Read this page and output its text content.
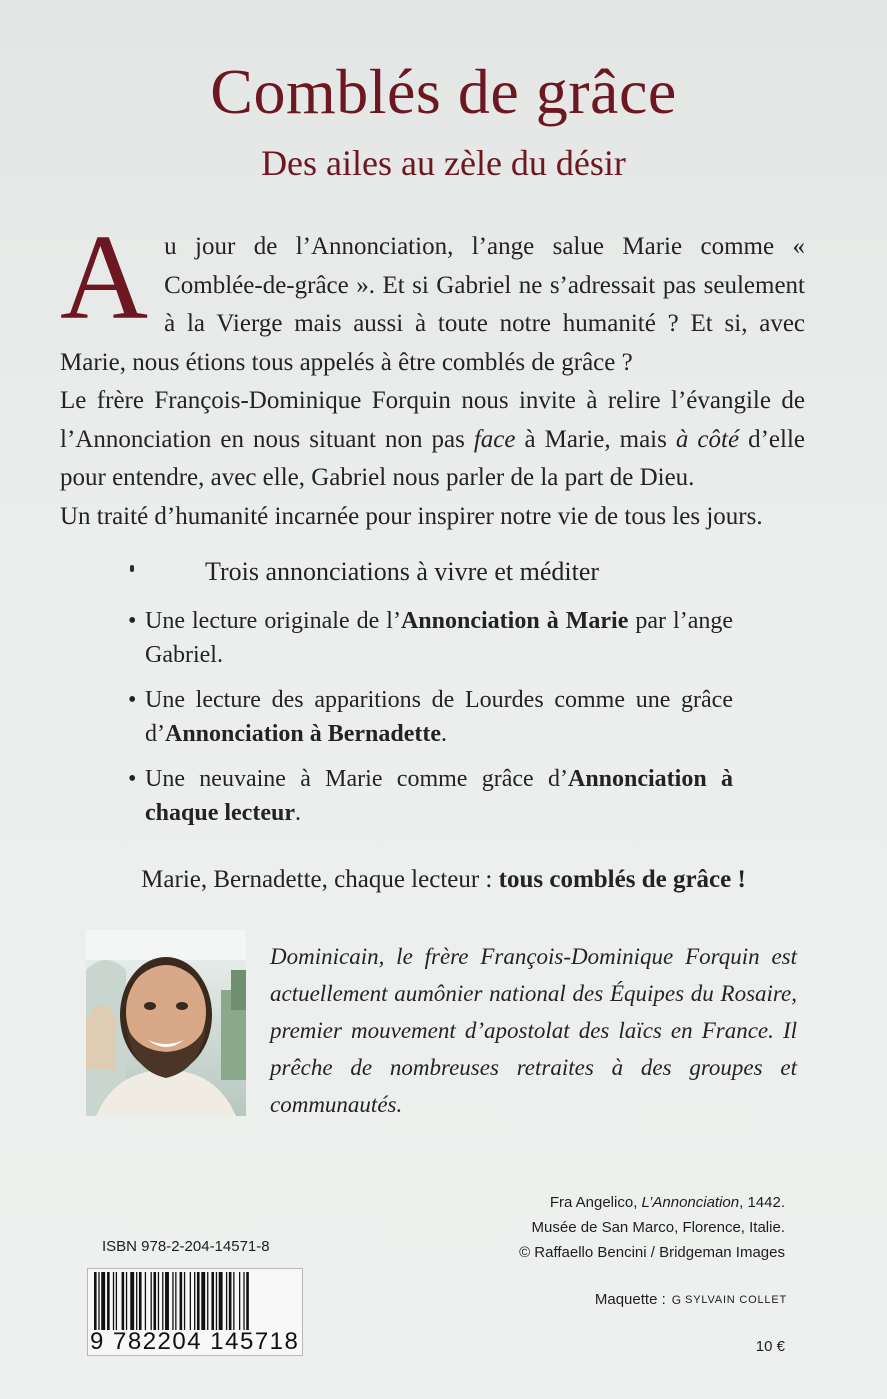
Comblés de grâce
Des ailes au zèle du désir
A u jour de l’Annonciation, l’ange salue Marie comme « Comblée-de-grâce ». Et si Gabriel ne s’adressait pas seulement à la Vierge mais aussi à toute notre humanité ? Et si, avec Marie, nous étions tous appelés à être comblés de grâce ?

Le frère François-Dominique Forquin nous invite à relire l’évangile de l’Annonciation en nous situant non pas face à Marie, mais à côté d’elle pour entendre, avec elle, Gabriel nous parler de la part de Dieu.

Un traité d’humanité incarnée pour inspirer notre vie de tous les jours.

Trois annonciations à vivre et méditer
• Une lecture originale de l’Annonciation à Marie par l’ange Gabriel.
• Une lecture des apparitions de Lourdes comme une grâce d’Annonciation à Bernadette.
• Une neuvaine à Marie comme grâce d’Annonciation à chaque lecteur.
Marie, Bernadette, chaque lecteur : tous comblés de grâce !
Dominicain, le frère François-Dominique Forquin est actuellement aumônier national des Équipes du Rosaire, premier mouvement d’apostolat des laïcs en France. Il prêche de nombreuses retraites à des groupes et communautés.
Fra Angelico, L’Annonciation, 1442.
Musée de San Marco, Florence, Italie.
© Raffaello Bencini / Bridgeman Images
ISBN 978-2-204-14571-8
9 782204 145718
Maquette : G SYLVAIN COLLET
10 €
